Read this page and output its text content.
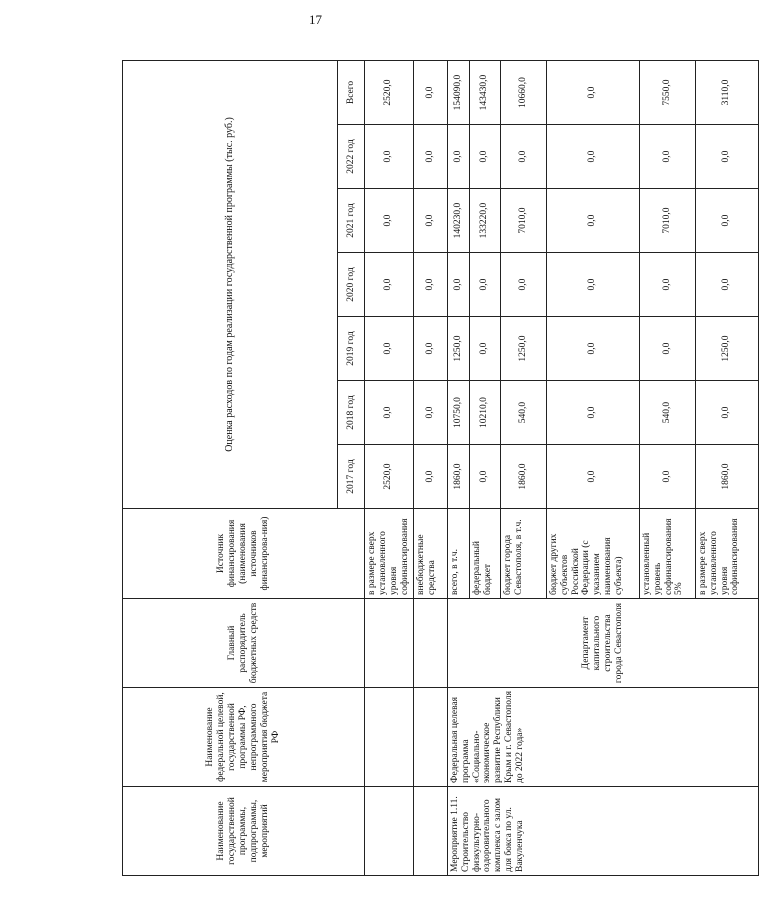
17
Наименование государственной программы, подпрограммы, мероприятий	Наименование федеральной целевой, государственной программы РФ, непрограммного мероприятия бюджета РФ	Главный распорядитель бюджетных средств	Источник финансирования (наименования источников финансирова-ния)	Оценка расходов по годам реализации государственной программы (тыс. руб.)						
				2017 год	2018 год	2019 год	2020 год	2021 год	2022 год	Всего
			в размере сверх установленного уровня софинансирования	2520,0	0,0	0,0	0,0	0,0	0,0	2520,0
			внебюджетные средства	0,0	0,0	0,0	0,0	0,0	0,0	0,0
Мероприятие 1.11. Строительство физкультурно-оздоровительного комплекса с залом для бокса по ул. Вакуленчука	Федеральная целевая программа «Социально-экономическое развитие Республики Крым и г. Севастополя до 2022 года»	Департамент капитального строительства города Севастополя	всего, в т.ч.	1860,0	10750,0	1250,0	0,0	140230,0	0,0	154090,0
			федеральный бюджет	0,0	10210,0	0,0	0,0	133220,0	0,0	143430,0
			бюджет города Севастополя, в т.ч.	1860,0	540,0	1250,0	0,0	7010,0	0,0	10660,0
			бюджет других субъектов Российской Федерации (с указанием наименования субъекта)	0,0	0,0	0,0	0,0	0,0	0,0	0,0
			установленный уровень софинансирования 5%	0,0	540,0	0,0	0,0	7010,0	0,0	7550,0
			в размере сверх установленного уровня софинансирования	1860,0	0,0	1250,0	0,0	0,0	0,0	3110,0
